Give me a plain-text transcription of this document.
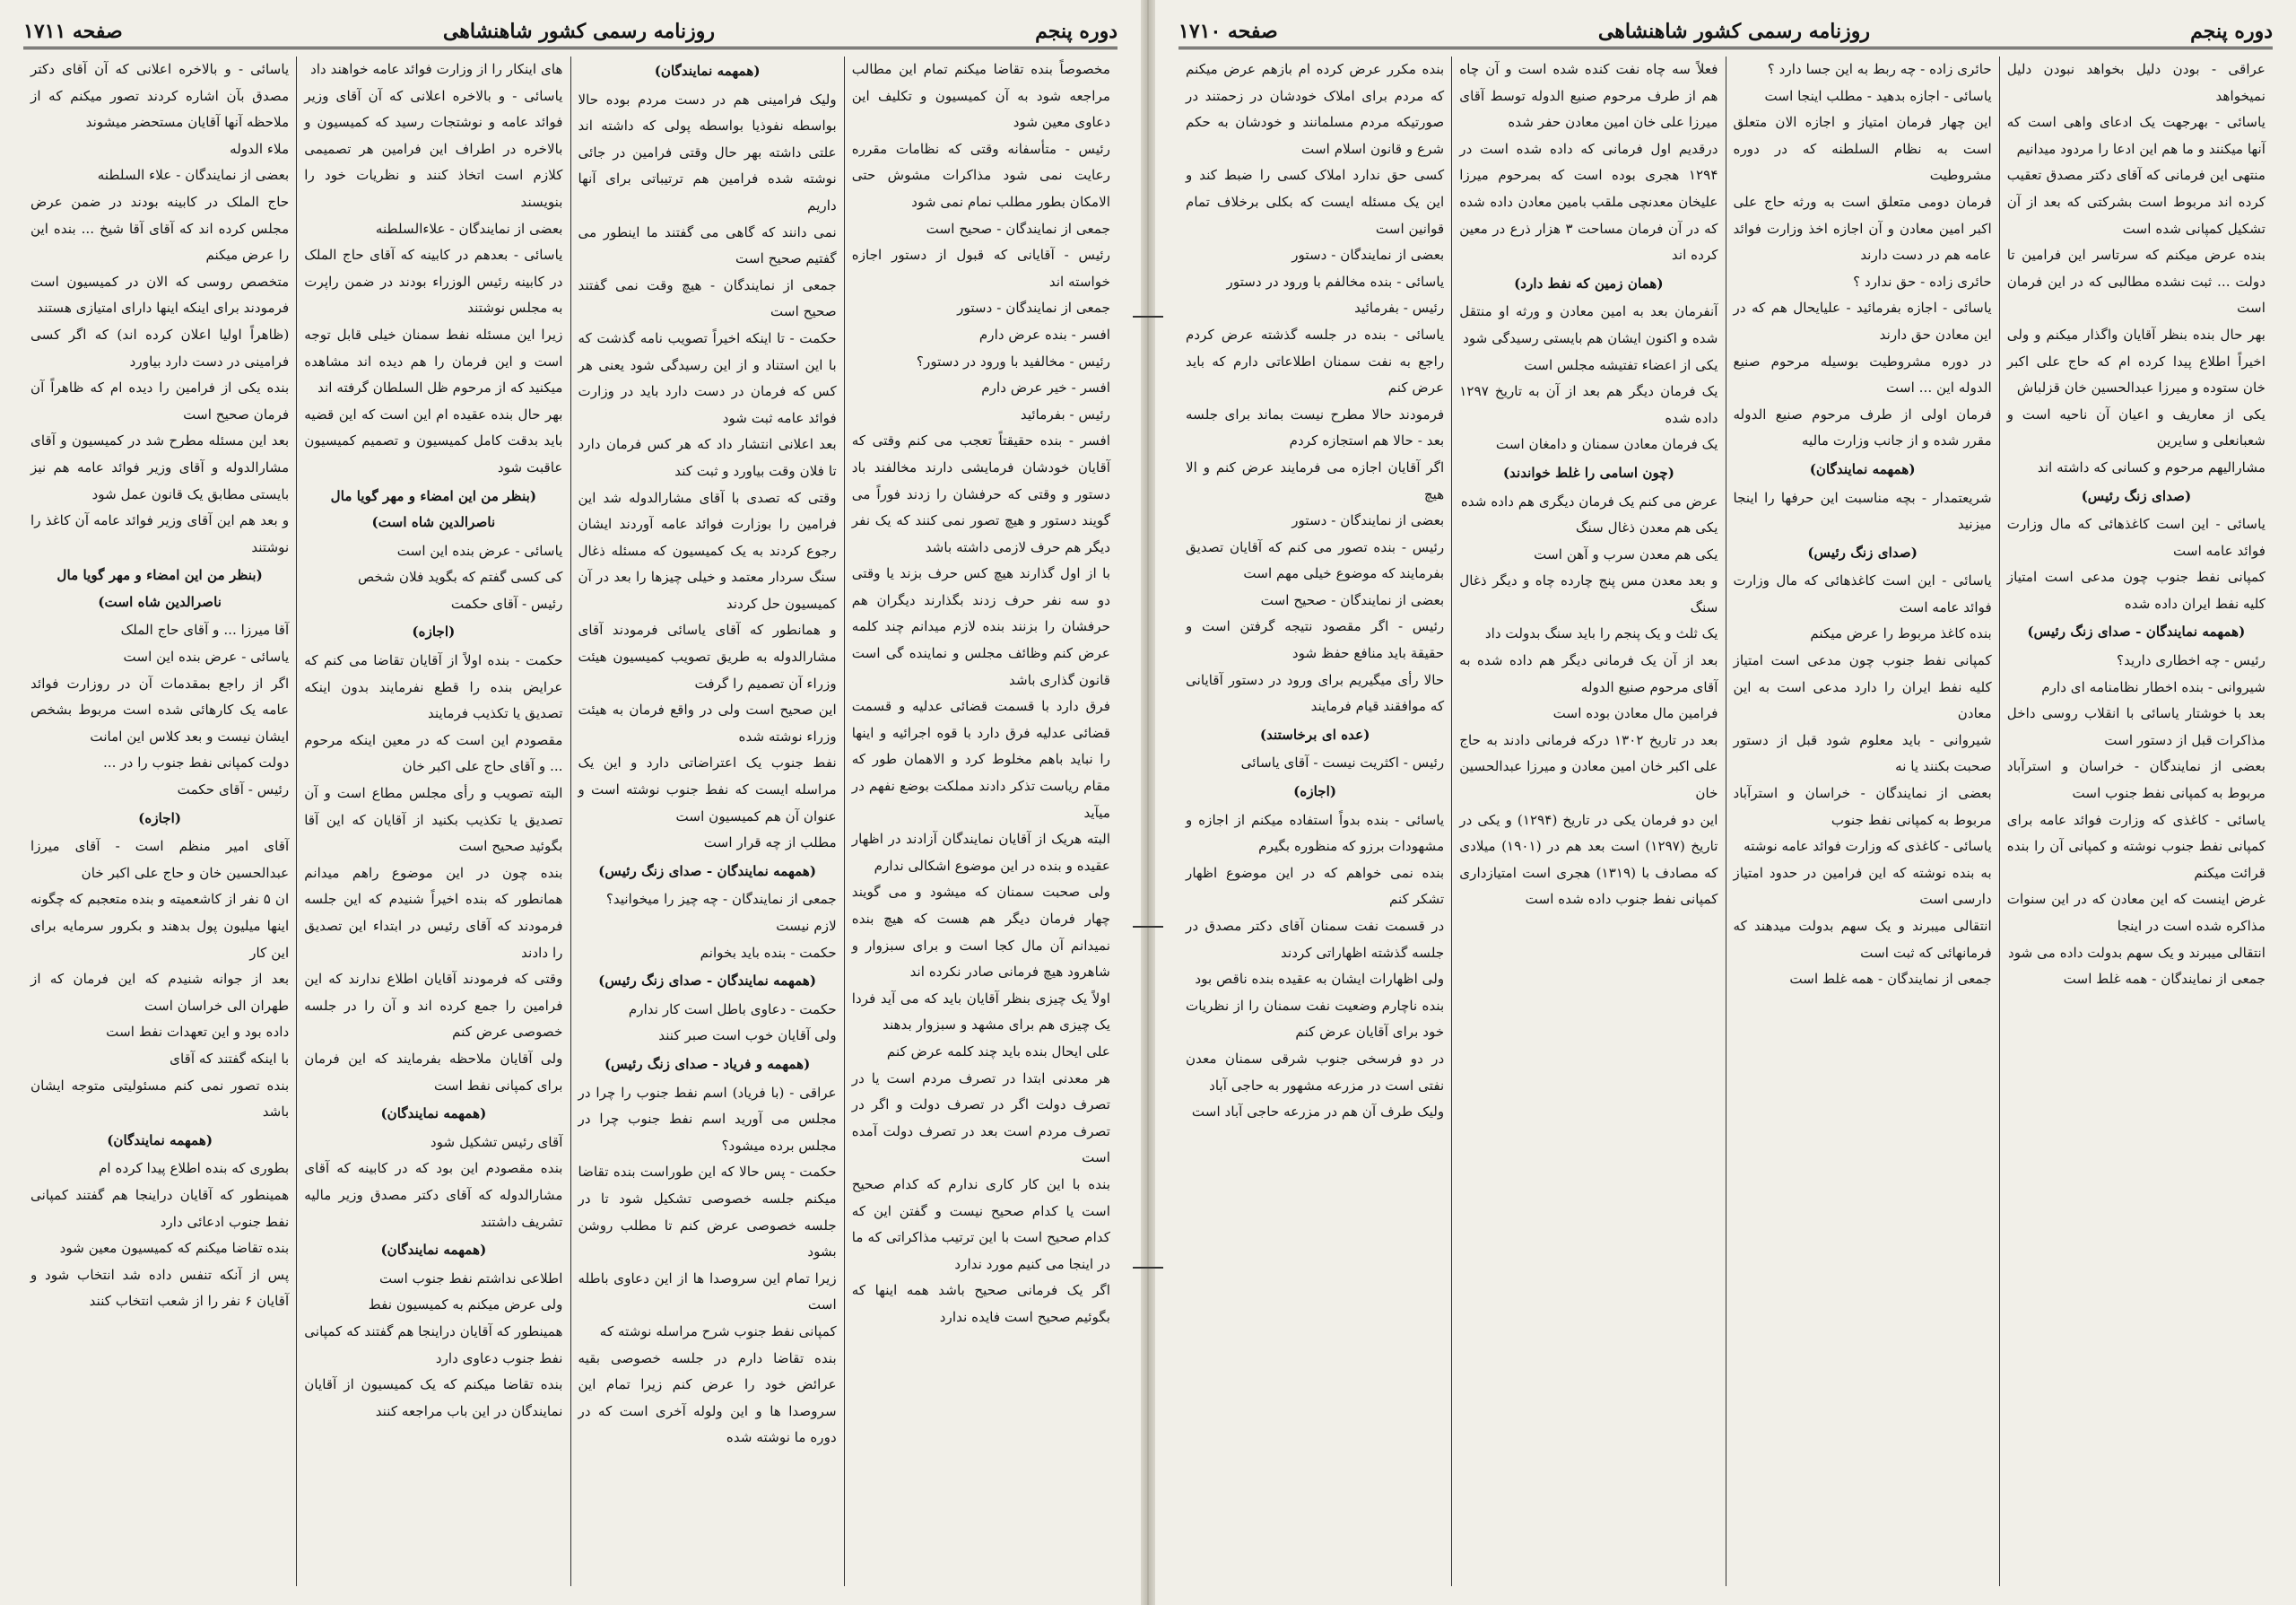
دوره پنجم
روزنامه رسمی کشور شاهنشاهی
صفحه ۱۷۱۱

مخصوصاً بنده تقاضا میکنم تمام این مطالب مراجعه شود به آن کمیسیون و تکلیف این دعاوی معین شود

رئیس - متأسفانه وقتی که نظامات مقرره رعایت نمی شود مذاکرات مشوش حتی الامکان بطور مطلب نمام نمی شود

جمعی از نمایندگان - صحیح است

رئیس - آقایانی که قبول از دستور اجازه خواسته اند

جمعی از نمایندگان - دستور

افسر - بنده عرض دارم

رئیس - مخالفید با ورود در دستور؟

افسر - خیر عرض دارم

رئیس - بفرمائید

افسر - بنده حقیقتاً تعجب می کنم وقتی که آقایان خودشان فرمایشی دارند مخالفند باد دستور و وقتی که حرفشان را زدند فوراً می گویند دستور و هیچ تصور نمی کنند که یک نفر دیگر هم حرف لازمی داشته باشد

با از اول گذارند هیچ کس حرف بزند یا وقتی دو سه نفر حرف زدند بگذارند دیگران هم حرفشان را بزنند بنده لازم میدانم چند کلمه عرض کنم وظائف مجلس و نماینده گی است قانون گذاری باشد

فرق دارد با قسمت قضائی عدلیه و قسمت قضائی عدلیه فرق دارد با قوه اجرائیه و اینها را نباید باهم مخلوط کرد و الاهمان طور که مقام ریاست تذکر دادند مملکت بوضع نفهم در میآید

البته هریک از آقایان نمایندگان آزادند در اظهار عقیده و بنده در این موضوع اشکالی ندارم

ولی صحبت سمنان که میشود و می گویند چهار فرمان دیگر هم هست که هیچ بنده نمیدانم آن مال کجا است و برای سبزوار و شاهرود هیچ فرمانی صادر نکرده اند

اولاً یک چیزی بنظر آقایان باید که می آید فردا یک چیزی هم برای مشهد و سبزوار بدهند

علی ایحال بنده باید چند کلمه عرض کنم

هر معدنی ابتدا در تصرف مردم است یا در تصرف دولت اگر در تصرف دولت و اگر در تصرف مردم است بعد در تصرف دولت آمده است

بنده با این کار کاری ندارم که کدام صحیح است یا کدام صحیح نیست و گفتن این که کدام صحیح است با این ترتیب مذاکراتی که ما در اینجا می کنیم مورد ندارد

اگر یک فرمانی صحیح باشد همه اینها که بگوئیم صحیح است فایده ندارد

(همهمه نمایندگان)

ولیک فرامینی هم در دست مردم بوده حالا بواسطه نفوذیا بواسطه پولی که داشته اند علتی داشته بهر حال وقتی فرامین در جائی نوشته شده فرامین هم ترتیباتی برای آنها داریم

نمی دانند که گاهی می گفتند ما اینطور می گفتیم صحیح است

جمعی از نمایندگان - هیچ وقت نمی گفتند صحیح است

حکمت - تا اینکه اخیراً تصویب نامه گذشت که با این استناد و از این رسیدگی شود یعنی هر کس که فرمان در دست دارد باید در وزارت فوائد عامه ثبت شود

بعد اعلانی انتشار داد که هر کس فرمان دارد تا فلان وقت بیاورد و ثبت کند

وقتی که تصدی با آقای مشارالدوله شد این فرامین را بوزارت فوائد عامه آوردند ایشان رجوع کردند به یک کمیسیون که مسئله ذغال سنگ سردار معتمد و خیلی چیزها را بعد در آن کمیسیون حل کردند

و همانطور که آقای یاسائی فرمودند آقای مشارالدوله به طریق تصویب کمیسیون هیئت وزراء آن تصمیم را گرفت

این صحیح است ولی در واقع فرمان به هیئت وزراء نوشته شده

نفط جنوب یک اعتراضاتی دارد و این یک مراسله ایست که نفط جنوب نوشته است و عنوان آن هم کمیسیون است

مطلب از چه قرار است

(همهمه نمایندگان - صدای زنگ رئیس)

جمعی از نمایندگان - چه چیز را میخوانید؟

لازم نیست

حکمت - بنده باید بخوانم

(همهمه نمایندگان - صدای زنگ رئیس)

حکمت - دعاوی باطل است کار ندارم

ولی آقایان خوب است صبر کنند

(همهمه و فریاد - صدای زنگ رئیس)

عراقی - (با فریاد) اسم نفط جنوب را چرا در مجلس می آورید اسم نفط جنوب چرا در مجلس برده میشود؟

حکمت - پس حالا که این طوراست بنده تقاضا میکنم جلسه خصوصی تشکیل شود تا در جلسه خصوصی عرض کنم تا مطلب روشن بشود

زیرا تمام این سروصدا ها از این دعاوی باطله است

کمپانی نفط جنوب شرح مراسله نوشته که

بنده تقاضا دارم در جلسه خصوصی بقیه عرائض خود را عرض کنم زیرا تمام این سروصدا ها و این ولوله آخری است که در دوره ما نوشته شده

های اینکار را از وزارت فوائد عامه خواهند داد

یاسائی - و بالاخره اعلانی که آن آقای وزیر فوائد عامه و نوشتجات رسید که کمیسیون و بالاخره در اطراف این فرامین هر تصمیمی کلازم است اتخاذ کنند و نظریات خود را بنویسند

بعضی از نمایندگان - علاءالسلطنه

یاسائی - بعدهم در کابینه که آقای حاج الملک در کابینه رئیس الوزراء بودند در ضمن راپرت به مجلس نوشتند

زیرا این مسئله نفط سمنان خیلی قابل توجه است و این فرمان را هم دیده اند مشاهده میکنید که از مرحوم ظل السلطان گرفته اند

بهر حال بنده عقیده ام این است که این قضیه باید بدقت کامل کمیسیون و تصمیم کمیسیون عاقبت شود

(بنظر من این امضاء و مهر گویا مال ناصرالدین شاه است)

یاسائی - عرض بنده این است

کی کسی گفتم که بگوید فلان شخص

رئیس - آقای حکمت

(اجازه)

حکمت - بنده اولاً از آقایان تقاضا می کنم که عرایض بنده را قطع نفرمایند بدون اینکه تصدیق یا تکذیب فرمایند

مقصودم این است که در معین اینکه مرحوم ... و آقای حاج علی اکبر خان

البته تصویب و رأی مجلس مطاع است و آن تصدیق یا تکذیب بکنید از آقایان که این آقا بگوئید صحیح است

بنده چون در این موضوع راهم میدانم همانطور که بنده اخیراً شنیدم که این جلسه فرمودند که آقای رئیس در ابتداء این تصدیق را دادند

وقتی که فرمودند آقایان اطلاع ندارند که این فرامین را جمع کرده اند و آن را در جلسه خصوصی عرض کنم

ولی آقایان ملاحظه بفرمایند که این فرمان برای کمپانی نفط است

(همهمه نمایندگان)

آقای رئیس تشکیل شود

بنده مقصودم این بود که در کابینه که آقای مشارالدوله که آقای دکتر مصدق وزیر مالیه تشریف داشتند

(همهمه نمایندگان)

اطلاعی نداشتم نفط جنوب است

ولی عرض میکنم به کمیسیون نفط

همینطور که آقایان دراینجا هم گفتند که کمپانی نفط جنوب دعاوی دارد

بنده تقاضا میکنم که یک کمیسیون از آقایان نمایندگان در این باب مراجعه کنند

یاسائی - و بالاخره اعلانی که آن آقای دکتر مصدق بآن اشاره کردند تصور میکنم که از ملاحظه آنها آقایان مستحضر میشوند

ملاء الدوله

بعضی از نمایندگان - علاء السلطنه

حاج الملک در کابینه بودند در ضمن عرض مجلس کرده اند که آقای آقا شیخ ... بنده این را عرض میکنم

متخصص روسی که الان در کمیسیون است فرمودند برای اینکه اینها دارای امتیازی هستند

(ظاهراً اولیا اعلان کرده اند) که اگر کسی فرامینی در دست دارد بیاورد

بنده یکی از فرامین را دیده ام که ظاهراً آن فرمان صحیح است

بعد این مسئله مطرح شد در کمیسیون و آقای مشارالدوله و آقای وزیر فوائد عامه هم نیز بایستی مطابق یک قانون عمل شود

و بعد هم این آقای وزیر فوائد عامه آن کاغذ را نوشتند

(بنظر من این امضاء و مهر گویا مال ناصرالدین شاه است)

آقا میرزا ... و آقای حاج الملک

یاسائی - عرض بنده این است

اگر از راجع بمقدمات آن در روزارت فوائد عامه یک کارهائی شده است مربوط بشخص ایشان نیست و بعد کلاس این امانت

دولت کمپانی نفط جنوب را در ...

رئیس - آقای حکمت

(اجازه)

آقای امیر منظم است - آقای میرزا عبدالحسین خان و حاج علی اکبر خان

ان ۵ نفر از کاشعمیته و بنده متعجبم که چگونه اینها میلیون پول بدهند و بکرور سرمایه برای این کار

بعد از جوانه شنیدم که این فرمان که از طهران الی خراسان است

داده بود و این تعهدات نفط است

با اینکه گفتند که آقای

بنده تصور نمی کنم مسئولیتی متوجه ایشان باشد

(همهمه نمایندگان)

بطوری که بنده اطلاع پیدا کرده ام

همینطور که آقایان دراینجا هم گفتند کمپانی نفط جنوب ادعائی دارد

بنده تقاضا میکنم که کمیسیون معین شود

پس از آنکه تنفس داده شد انتخاب شود و آقایان ۶ نفر را از شعب انتخاب کنند

دوره پنجم
روزنامه رسمی کشور شاهنشاهی
صفحه ۱۷۱۰

عراقی - بودن دلیل بخواهد نبودن دلیل نمیخواهد

یاسائی - بهرجهت یک ادعای واهی است که آنها میکنند و ما هم این ادعا را مردود میدانیم

منتهی این فرمانی که آقای دکتر مصدق تعقیب کرده اند مربوط است بشرکتی که بعد از آن تشکیل کمپانی شده است

بنده عرض میکنم که سرتاسر این فرامین تا دولت ... ثبت نشده مطالبی که در این فرمان است

بهر حال بنده بنظر آقایان واگذار میکنم و ولی اخیراً اطلاع پیدا کرده ام که حاج علی اکبر خان ستوده و میرزا عبدالحسین خان قزلباش

یکی از معاریف و اعیان آن ناحیه است و شعبانعلی و سایرین

مشارالیهم مرحوم و کسانی که داشته اند

(صدای زنگ رئیس)

یاسائی - این است کاغذهائی که مال وزارت فوائد عامه است

کمپانی نفط جنوب چون مدعی است امتیاز کلیه نفط ایران داده شده

(همهمه نمایندگان - صدای زنگ رئیس)

رئیس - چه اخطاری دارید؟

شیروانی - بنده اخطار نظامنامه ای دارم

بعد با خوشتار یاسائی با انقلاب روسی داخل مذاکرات قبل از دستور است

بعضی از نمایندگان - خراسان و استرآباد مربوط به کمپانی نفط جنوب است

یاسائی - کاغذی که وزارت فوائد عامه برای کمپانی نفط جنوب نوشته و کمپانی آن را بنده قرائت میکنم

غرض اینست که این معادن که در این سنوات مذاکره شده است در اینجا

انتقالی میبرند و یک سهم بدولت داده می شود

جمعی از نمایندگان - همه غلط است

حائری زاده - چه ربط به این جسا دارد ؟

یاسائی - اجازه بدهید - مطلب اینجا است

این چهار فرمان امتیاز و اجازه الان متعلق است به نظام السلطنه که در دوره مشروطیت

فرمان دومی متعلق است به ورثه حاج علی اکبر امین معادن و آن اجازه اخذ وزارت فوائد عامه هم در دست دارند

حائری زاده - حق ندارد ؟

یاسائی - اجازه بفرمائید - علیایحال هم که در این معادن حق دارند

در دوره مشروطیت بوسیله مرحوم صنیع الدوله این ... است

فرمان اولی از طرف مرحوم صنیع الدوله مقرر شده و از جانب وزارت مالیه

(همهمه نمایندگان)

شریعتمدار - بچه مناسبت این حرفها را اینجا میزنید

(صدای زنگ رئیس)

یاسائی - این است کاغذهائی که مال وزارت فوائد عامه است

بنده کاغذ مربوط را عرض میکنم

کمپانی نفط جنوب چون مدعی است امتیاز کلیه نفط ایران را دارد مدعی است به این معادن

شیروانی - باید معلوم شود قبل از دستور صحبت بکنند یا نه

بعضی از نمایندگان - خراسان و استرآباد مربوط به کمپانی نفط جنوب

یاسائی - کاغذی که وزارت فوائد عامه نوشته

به بنده نوشته که این فرامین در حدود امتیاز دارسی است

انتقالی میبرند و یک سهم بدولت میدهند که فرمانهائی که ثبت است

جمعی از نمایندگان - همه غلط است

فعلاً سه چاه نفت کنده شده است و آن چاه هم از طرف مرحوم صنیع الدوله توسط آقای میرزا علی خان امین معادن حفر شده

درقدیم اول فرمانی که داده شده است در ۱۲۹۴ هجری بوده است که بمرحوم میرزا علیخان معدنچی ملقب بامین معادن داده شده که در آن فرمان مساحت ۳ هزار ذرع در معین کرده اند

(همان زمین که نفط دارد)

آنفرمان بعد به امین معادن و ورثه او منتقل شده و اکنون ایشان هم بایستی رسیدگی شود

یکی از اعضاء تفتیشه مجلس است

یک فرمان دیگر هم بعد از آن به تاریخ ۱۲۹۷ داده شده

یک فرمان معادن سمنان و دامغان است

(چون اسامی را غلط خواندند)

عرض می کنم یک فرمان دیگری هم داده شده

یکی هم معدن ذغال سنگ

یکی هم معدن سرب و آهن است

و بعد معدن مس پنج چارده چاه و دیگر ذغال سنگ

یک ثلث و یک پنجم را باید سنگ بدولت داد

بعد از آن یک فرمانی دیگر هم داده شده به آقای مرحوم صنیع الدوله

فرامین مال معادن بوده است

بعد در تاریخ ۱۳۰۲ درکه فرمانی دادند به حاج علی اکبر خان امین معادن و میرزا عبدالحسین خان

این دو فرمان یکی در تاریخ (۱۲۹۴) و یکی در تاریخ (۱۲۹۷) است بعد هم در (۱۹۰۱) میلادی که مصادف با (۱۳۱۹) هجری است امتیازداری کمپانی نفط جنوب داده شده است

بنده مکرر عرض کرده ام بازهم عرض میکنم که مردم برای املاک خودشان در زحمتند در صورتیکه مردم مسلمانند و خودشان به حکم شرع و قانون اسلام است

کسی حق ندارد املاک کسی را ضبط کند و این یک مسئله ایست که بکلی برخلاف تمام قوانین است

بعضی از نمایندگان - دستور

یاسائی - بنده مخالفم با ورود در دستور

رئیس - بفرمائید

یاسائی - بنده در جلسه گذشته عرض کردم راجع به نفت سمنان اطلاعاتی دارم که باید عرض کنم

فرمودند حالا مطرح نیست بماند برای جلسه بعد - حالا هم استجازه کردم

اگر آقایان اجازه می فرمایند عرض کنم و الا هیچ

بعضی از نمایندگان - دستور

رئیس - بنده تصور می کنم که آقایان تصدیق بفرمایند که موضوع خیلی مهم است

بعضی از نمایندگان - صحیح است

رئیس - اگر مقصود نتیجه گرفتن است و حقیقة باید منافع حفظ شود

حالا رأی میگیریم برای ورود در دستور آقایانی که موافقند قیام فرمایند

(عده ای برخاستند)

رئیس - اکثریت نیست - آقای یاسائی

(اجازه)

یاسائی - بنده بدواً استفاده میکنم از اجازه و مشهودات برزو که منظوره بگیرم

بنده نمی خواهم که در این موضوع اظهار تشکر کنم

در قسمت نفت سمنان آقای دکتر مصدق در جلسه گذشته اظهاراتی کردند

ولی اظهارات ایشان به عقیده بنده ناقص بود

بنده ناچارم وضعیت نفت سمنان را از نظریات خود برای آقایان عرض کنم

در دو فرسخی جنوب شرقی سمنان معدن نفتی است در مزرعه مشهور به حاجی آباد

ولیک طرف آن هم در مزرعه حاجی آباد است
